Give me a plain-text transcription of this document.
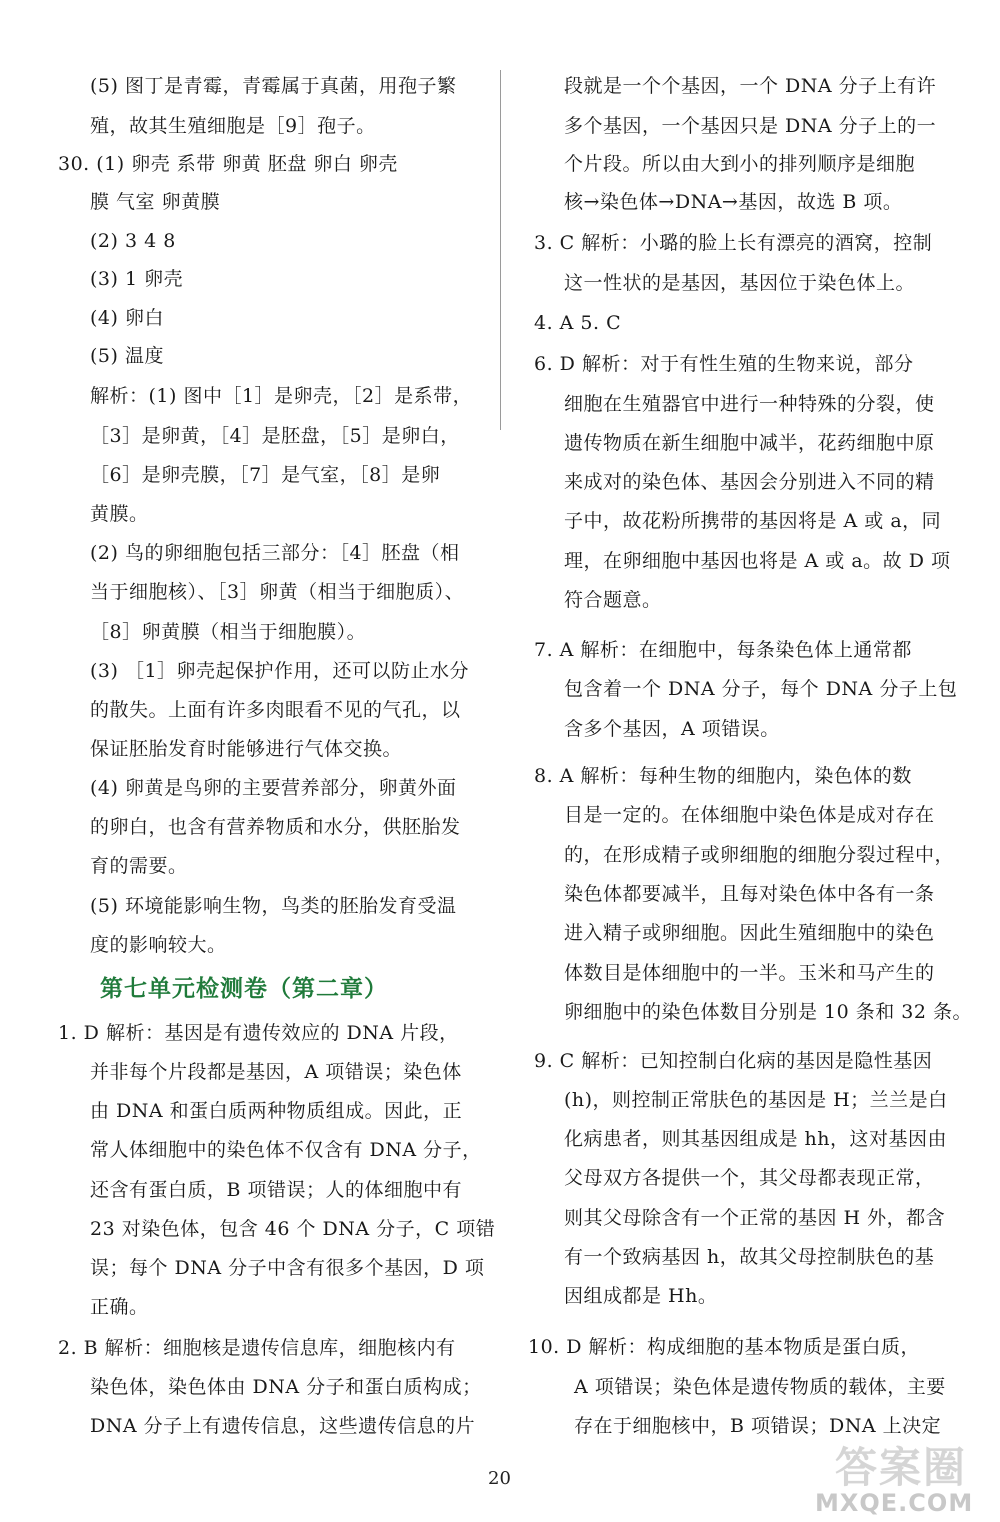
(5) 图丁是青霉，青霉属于真菌，用孢子繁
殖，故其生殖细胞是［9］孢子。
30. (1) 卵壳 系带 卵黄 胚盘 卵白 卵壳
膜 气室 卵黄膜
(2) 3 4 8
(3) 1 卵壳
(4) 卵白
(5) 温度
解析：(1) 图中［1］是卵壳，［2］是系带，
［3］是卵黄，［4］是胚盘，［5］是卵白，
［6］是卵壳膜，［7］是气室，［8］是卵
黄膜。
(2) 鸟的卵细胞包括三部分：［4］胚盘（相
当于细胞核）、［3］卵黄（相当于细胞质）、
［8］卵黄膜（相当于细胞膜）。
(3) ［1］卵壳起保护作用，还可以防止水分
的散失。上面有许多肉眼看不见的气孔，以
保证胚胎发育时能够进行气体交换。
(4) 卵黄是鸟卵的主要营养部分，卵黄外面
的卵白，也含有营养物质和水分，供胚胎发
育的需要。
(5) 环境能影响生物，鸟类的胚胎发育受温
度的影响较大。
1. D 解析：基因是有遗传效应的 DNA 片段，
并非每个片段都是基因，A 项错误；染色体
由 DNA 和蛋白质两种物质组成。因此，正
常人体细胞中的染色体不仅含有 DNA 分子，
还含有蛋白质，B 项错误；人的体细胞中有
23 对染色体，包含 46 个 DNA 分子，C 项错
误；每个 DNA 分子中含有很多个基因，D 项
正确。
2. B 解析：细胞核是遗传信息库，细胞核内有
染色体，染色体由 DNA 分子和蛋白质构成；
DNA 分子上有遗传信息，这些遗传信息的片
段就是一个个基因，一个 DNA 分子上有许
多个基因，一个基因只是 DNA 分子上的一
个片段。所以由大到小的排列顺序是细胞
核→染色体→DNA→基因，故选 B 项。
3. C 解析：小璐的脸上长有漂亮的酒窝，控制
这一性状的是基因，基因位于染色体上。
4. A 5. C
6. D 解析：对于有性生殖的生物来说，部分
细胞在生殖器官中进行一种特殊的分裂，使
遗传物质在新生细胞中减半，花药细胞中原
来成对的染色体、基因会分别进入不同的精
子中，故花粉所携带的基因将是 A 或 a，同
理，在卵细胞中基因也将是 A 或 a。故 D 项
符合题意。
7. A 解析：在细胞中，每条染色体上通常都
包含着一个 DNA 分子，每个 DNA 分子上包
含多个基因，A 项错误。
8. A 解析：每种生物的细胞内，染色体的数
目是一定的。在体细胞中染色体是成对存在
的，在形成精子或卵细胞的细胞分裂过程中，
染色体都要减半，且每对染色体中各有一条
进入精子或卵细胞。因此生殖细胞中的染色
体数目是体细胞中的一半。玉米和马产生的
卵细胞中的染色体数目分别是 10 条和 32 条。
9. C 解析：已知控制白化病的基因是隐性基因
(h)，则控制正常肤色的基因是 H；兰兰是白
化病患者，则其基因组成是 hh，这对基因由
父母双方各提供一个，其父母都表现正常，
则其父母除含有一个正常的基因 H 外，都含
有一个致病基因 h，故其父母控制肤色的基
因组成都是 Hh。
10. D 解析：构成细胞的基本物质是蛋白质，
A 项错误；染色体是遗传物质的载体，主要
存在于细胞核中，B 项错误；DNA 上决定
第七单元检测卷（第二章）
20	答案圈
MXQE.COM
